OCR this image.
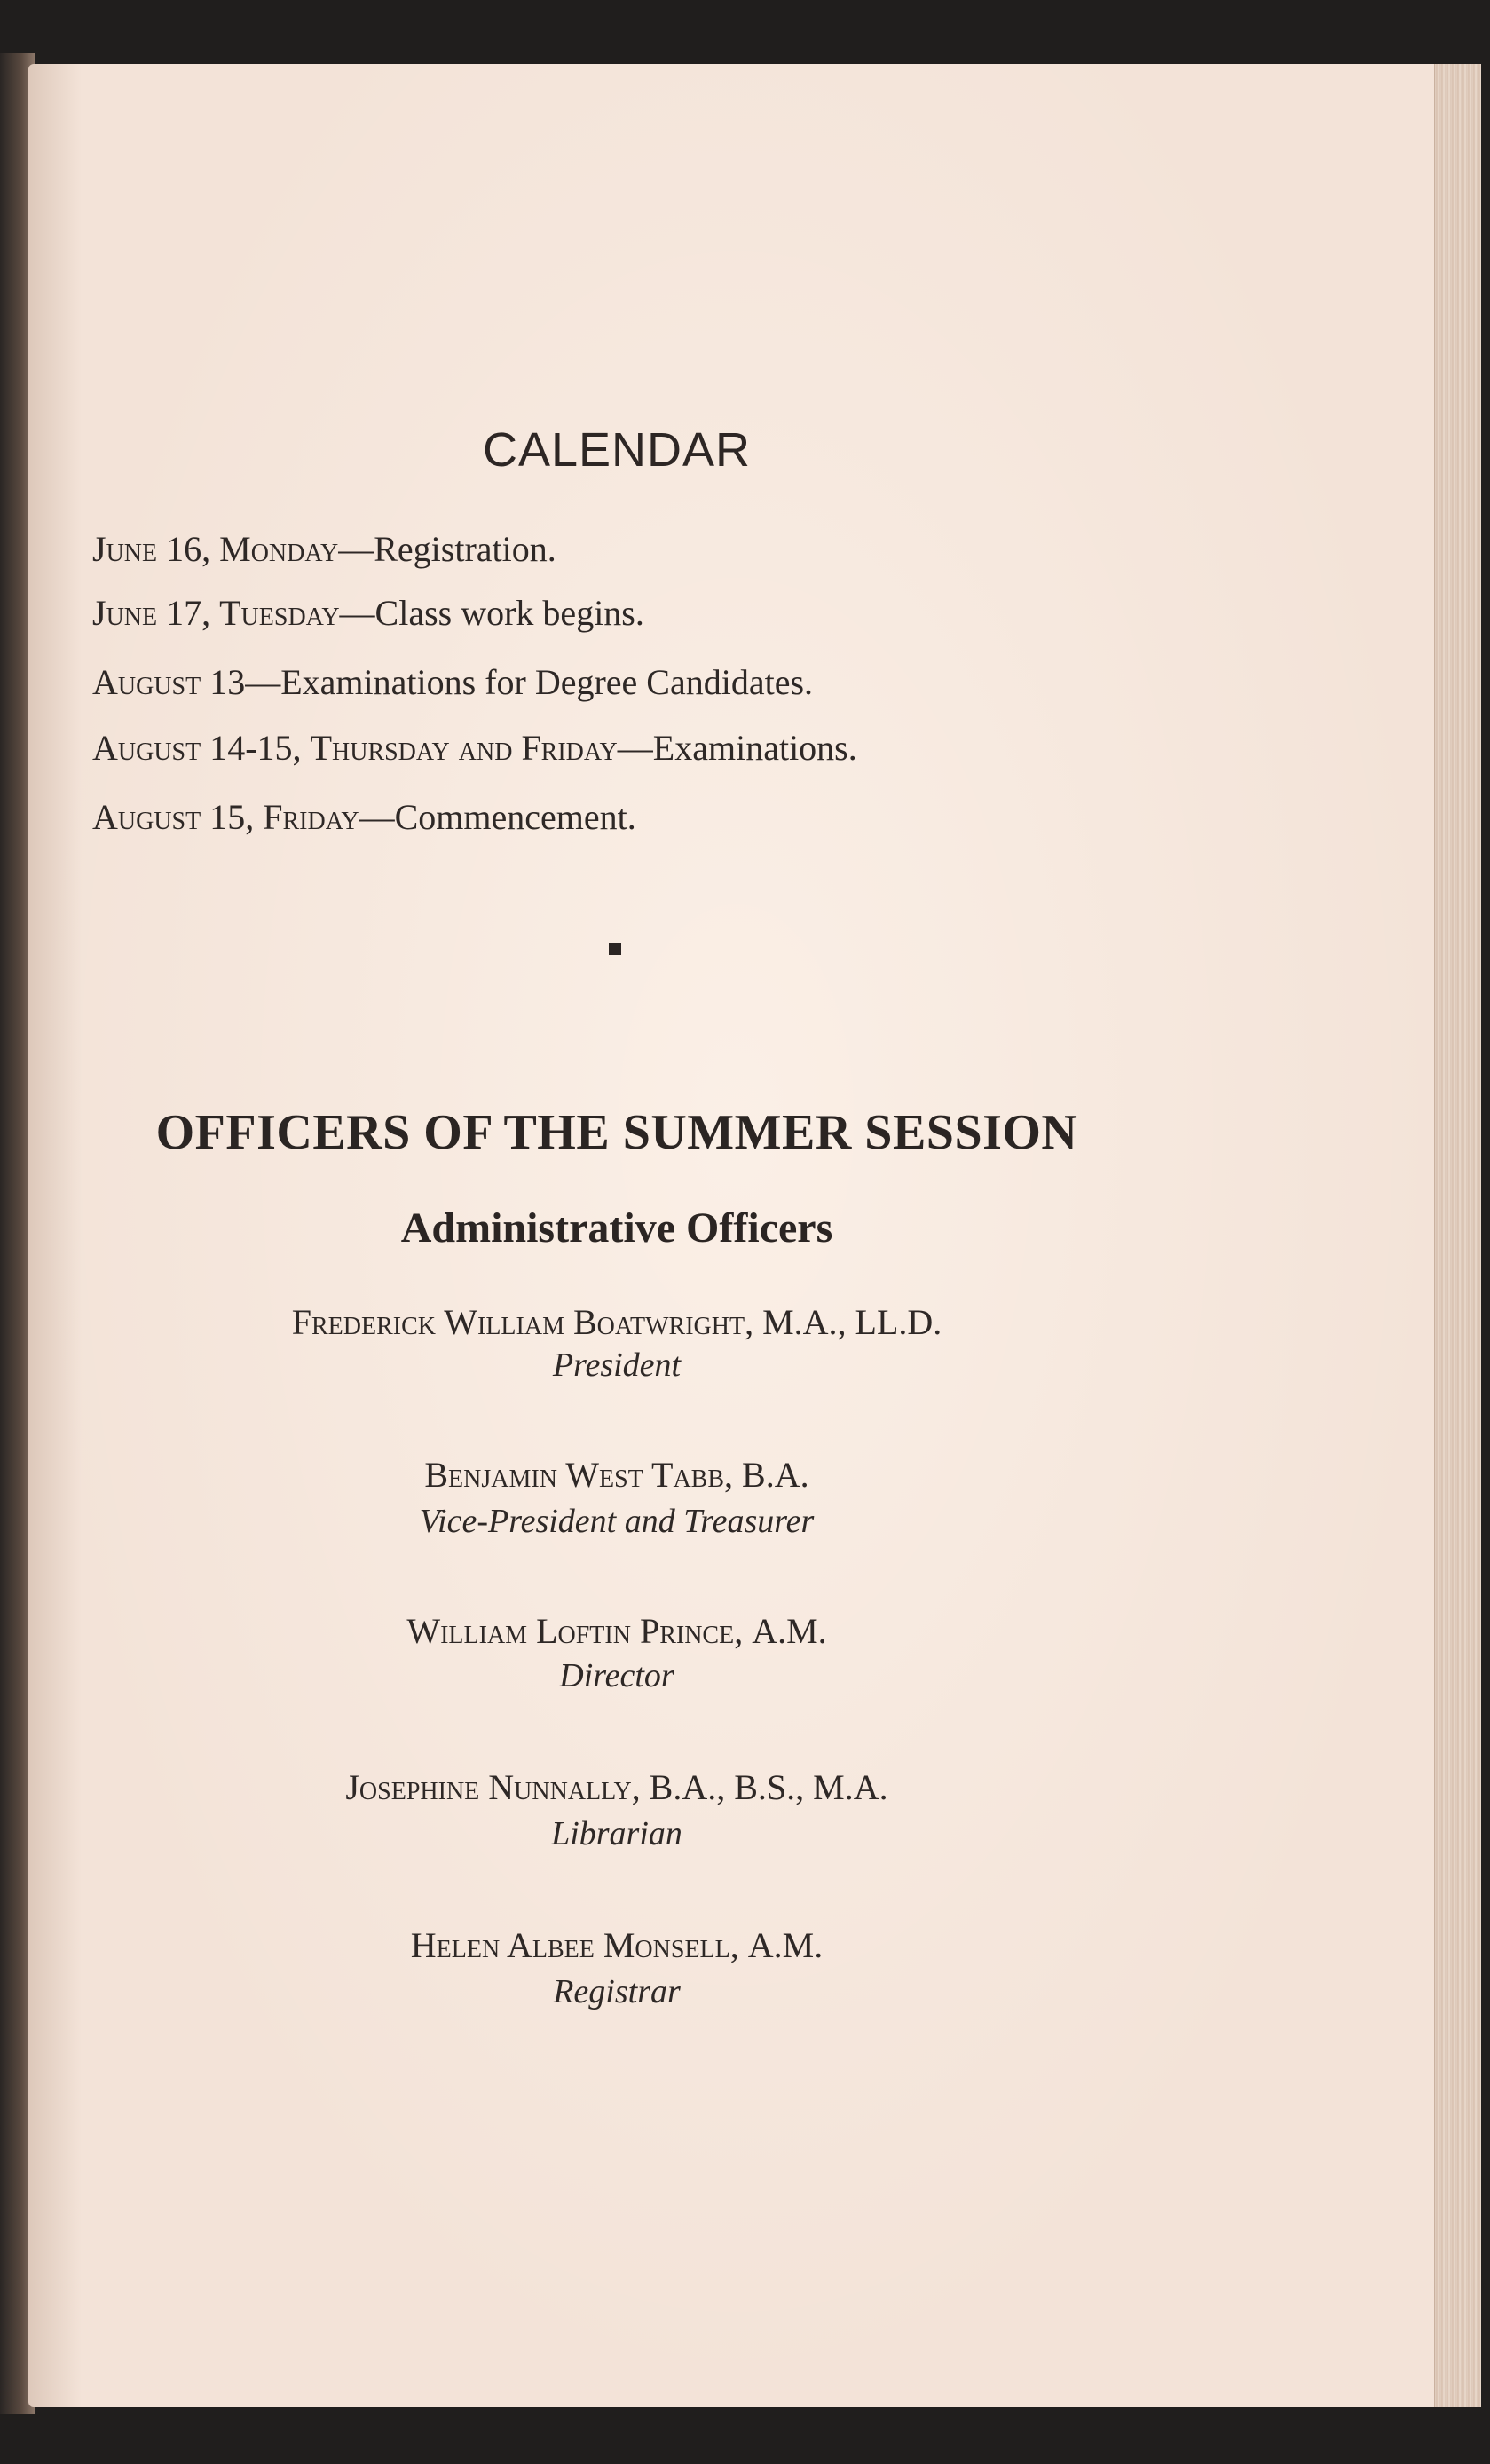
CALENDAR
June 16, Monday—Registration.
June 17, Tuesday—Class work begins.
August 13—Examinations for Degree Candidates.
August 14-15, Thursday and Friday—Examinations.
August 15, Friday—Commencement.
OFFICERS OF THE SUMMER SESSION
Administrative Officers
Frederick William Boatwright, M.A., LL.D.
President
Benjamin West Tabb, B.A.
Vice-President and Treasurer
William Loftin Prince, A.M.
Director
Josephine Nunnally, B.A., B.S., M.A.
Librarian
Helen Albee Monsell, A.M.
Registrar
